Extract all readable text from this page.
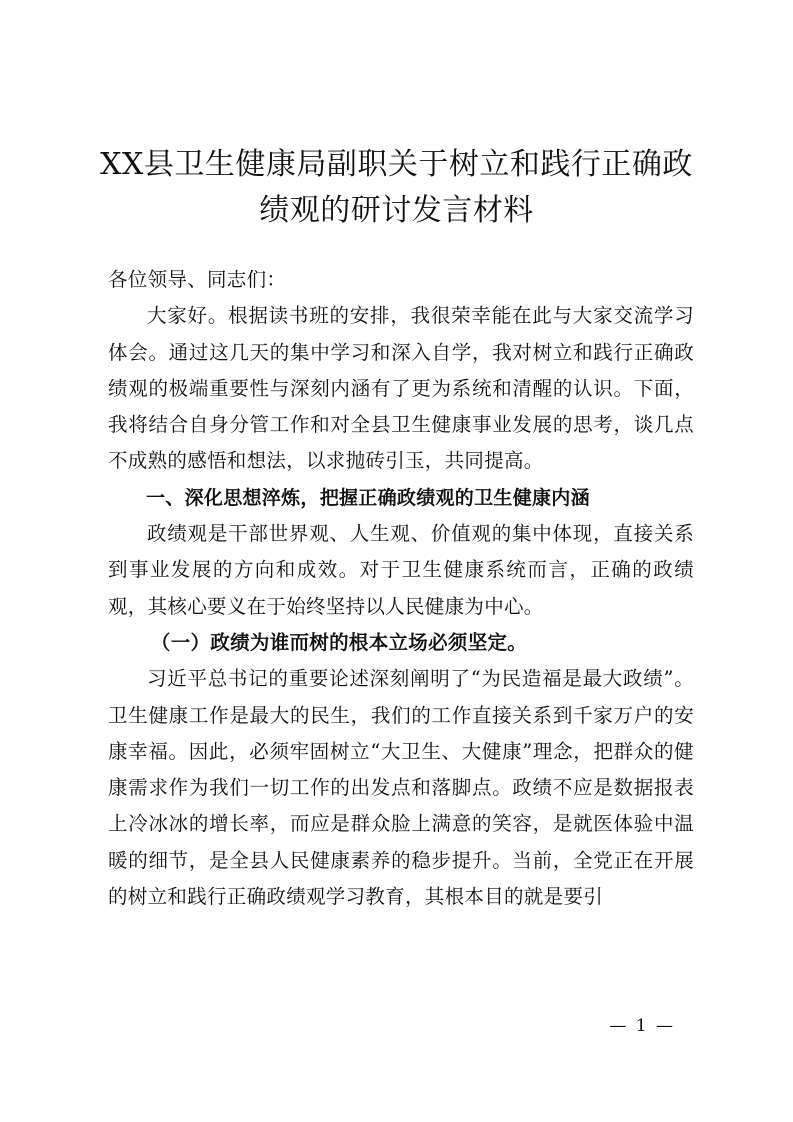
XX县卫生健康局副职关于树立和践行正确政绩观的研讨发言材料

各位领导、同志们：

大家好。根据读书班的安排，我很荣幸能在此与大家交流学习体会。通过这几天的集中学习和深入自学，我对树立和践行正确政绩观的极端重要性与深刻内涵有了更为系统和清醒的认识。下面，我将结合自身分管工作和对全县卫生健康事业发展的思考，谈几点不成熟的感悟和想法，以求抛砖引玉，共同提高。

一、深化思想淬炼，把握正确政绩观的卫生健康内涵

政绩观是干部世界观、人生观、价值观的集中体现，直接关系到事业发展的方向和成效。对于卫生健康系统而言，正确的政绩观，其核心要义在于始终坚持以人民健康为中心。

（一）政绩为谁而树的根本立场必须坚定。

习近平总书记的重要论述深刻阐明了“为民造福是最大政绩”。卫生健康工作是最大的民生，我们的工作直接关系到千家万户的安康幸福。因此，必须牢固树立“大卫生、大健康”理念，把群众的健康需求作为我们一切工作的出发点和落脚点。政绩不应是数据报表上冷冰冰的增长率，而应是群众脸上满意的笑容，是就医体验中温暖的细节，是全县人民健康素养的稳步提升。当前，全党正在开展的树立和践行正确政绩观学习教育，其根本目的就是要引

— 1 —
